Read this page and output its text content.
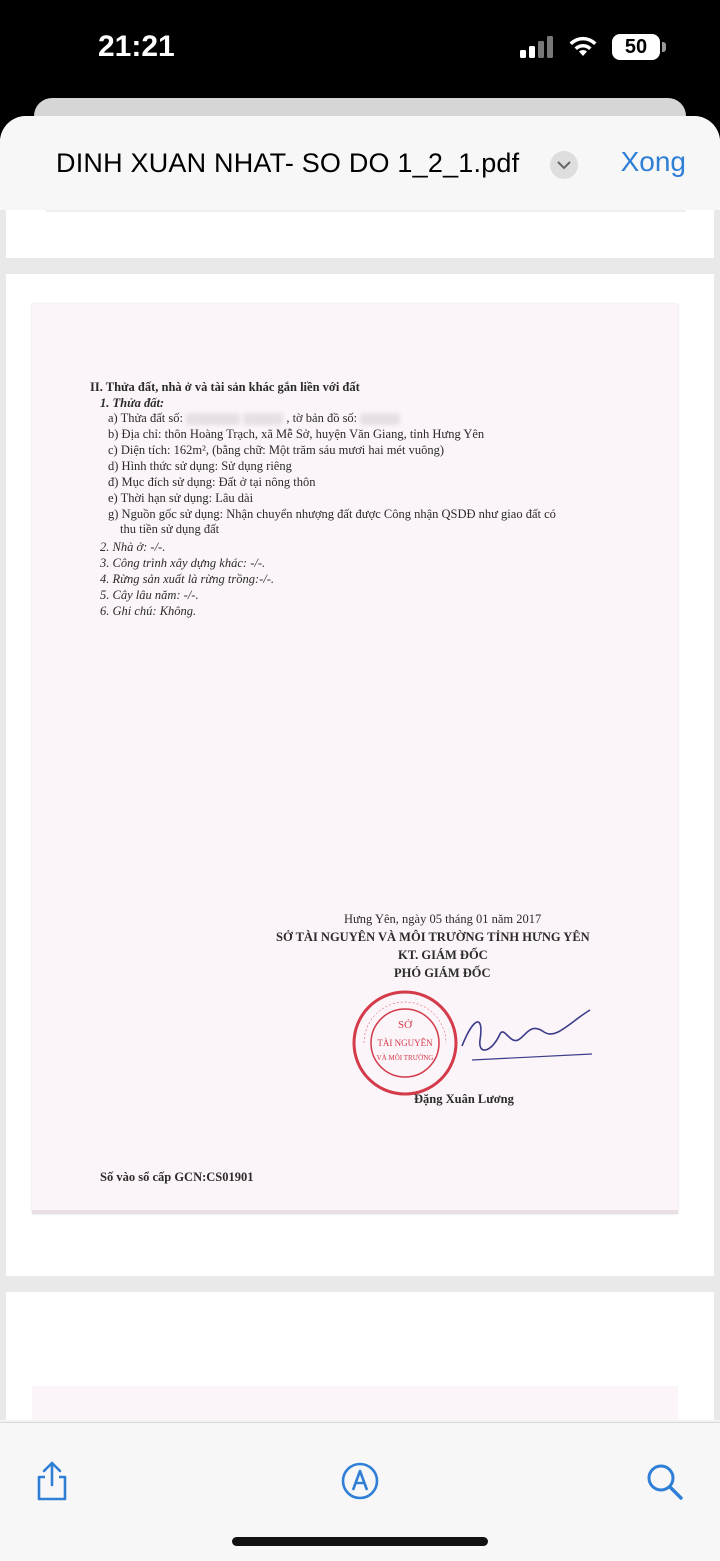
21:21	50
DINH XUAN NHAT- SO DO 1_2_1.pdf	Xong
II. Thửa đất, nhà ở và tài sản khác gắn liền với đất
1. Thửa đất:
a) Thửa đất số:	, tờ bản đồ số:
b) Địa chỉ: thôn Hoàng Trạch, xã Mễ Sở, huyện Văn Giang, tỉnh Hưng Yên
c) Diện tích: 162m², (bằng chữ: Một trăm sáu mươi hai mét vuông)
d) Hình thức sử dụng: Sử dụng riêng
đ) Mục đích sử dụng: Đất ở tại nông thôn
e) Thời hạn sử dụng: Lâu dài
g) Nguồn gốc sử dụng: Nhận chuyển nhượng đất được Công nhận QSDĐ như giao đất có
thu tiền sử dụng đất
2. Nhà ở: -/-.
3. Công trình xây dựng khác: -/-.
4. Rừng sản xuất là rừng trồng:-/-.
5. Cây lâu năm: -/-.
6. Ghi chú: Không.
Hưng Yên, ngày 05 tháng 01 năm 2017
SỞ TÀI NGUYÊN VÀ MÔI TRƯỜNG TỈNH HƯNG YÊN
KT. GIÁM ĐỐC
PHÓ GIÁM ĐỐC
SỞ
TÀI NGUYÊN
VÀ MÔI TRƯỜNG
Đặng Xuân Lương
Số vào sổ cấp GCN:CS01901
